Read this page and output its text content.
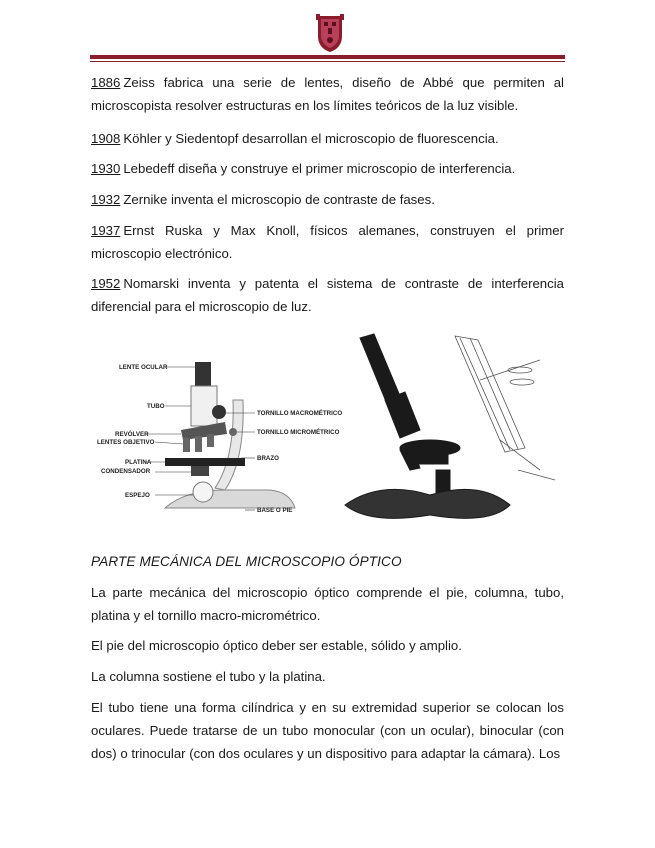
1886 Zeiss fabrica una serie de lentes, diseño de Abbé que permiten al microscopista resolver estructuras en los límites teóricos de la luz visible.
1908 Köhler y Siedentopf desarrollan el microscopio de fluorescencia.
1930 Lebedeff diseña y construye el primer microscopio de interferencia.
1932 Zernike inventa el microscopio de contraste de fases.
1937 Ernst Ruska y Max Knoll, físicos alemanes, construyen el primer microscopio electrónico.
1952 Nomarski inventa y patenta el sistema de contraste de interferencia diferencial para el microscopio de luz.
LENTE OCULAR
TUBO
REVÓLVER
LENTES OBJETIVO
PLATINA
CONDENSADOR
ESPEJO
TORNILLO MACROMÉTRICO
TORNILLO MICROMÉTRICO
BRAZO
BASE O PIE
PARTE MECÁNICA DEL MICROSCOPIO ÓPTICO
La parte mecánica del microscopio óptico comprende el pie, columna, tubo, platina y el tornillo macro-micrométrico.
El pie del microscopio óptico deber ser estable, sólido y amplio.
La columna sostiene el tubo y la platina.
El tubo tiene una forma cilíndrica y en su extremidad superior se colocan los oculares. Puede tratarse de un tubo monocular (con un ocular), binocular (con dos) o trinocular (con dos oculares y un dispositivo para adaptar la cámara). Los
